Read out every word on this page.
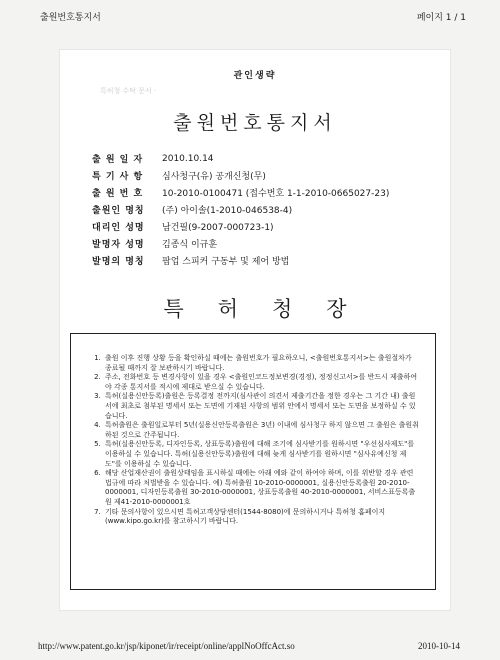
출원번호통지서	페이지 1 / 1
관인생략
특허청 수탁 문서 ·
출원번호통지서
출 원 일 자	2010.10.14
특 기 사 항	심사청구(유) 공개신청(무)
출 원 번 호	10-2010-0100471 (접수번호 1-1-2010-0665027-23)
출원인 명칭	(주) 아이솔(1-2010-046538-4)
대리인 성명	남건필(9-2007-000723-1)
발명자 성명	김종식 이규훈
발명의 명칭	팝업 스피커 구동부 및 제어 방법
특허청장
1. 출원 이후 진행 상황 등을 확인하실 때에는 출원번호가 필요하오니, <출원번호통지서>는 출원절차가 종료될 때까지 잘 보관하시기 바랍니다.
2. 주소, 전화번호 등 변경사항이 있을 경우 <출원인코드정보변경(경정), 정정신고서>를 반드시 제출하여야 각종 통지서를 적시에 제대로 받으실 수 있습니다.
3. 특허(실용신안등록)출원은 등록결정 전까지(심사관이 의견서 제출기간을 정한 경우는 그 기간 내) 출원서에 최초로 첨부된 명세서 또는 도면에 기재된 사항의 범위 안에서 명세서 또는 도면을 보정하실 수 있습니다.
4. 특허출원은 출원일로부터 5년(실용신안등록출원은 3년) 이내에 심사청구 하지 않으면 그 출원은 출원취하된 것으로 간주됩니다.
5. 특허(실용신안등록, 디자인등록, 상표등록)출원에 대해 조기에 심사받기를 원하시면 "우선심사제도"를 이용하실 수 있습니다. 특허(실용신안등록)출원에 대해 늦게 심사받기를 원하시면 "심사유예신청 제도"를 이용하실 수 있습니다.
6. 해당 산업재산권이 출원상태임을 표시하실 때에는 아래 예와 같이 하여야 하며, 이를 위반할 경우 관련법규에 따라 처벌받을 수 있습니다. 예) 특허출원 10-2010-0000001, 실용신안등록출원 20-2010-0000001, 디자인등록출원 30-2010-0000001, 상표등록출원 40-2010-0000001, 서비스표등록출원 제41-2010-0000001호
7. 기타 문의사항이 있으시면 특허고객상담센터(1544-8080)에 문의하시거나 특허청 홈페이지(www.kipo.go.kr)를 참고하시기 바랍니다.
http://www.patent.go.kr/jsp/kiponet/ir/receipt/online/applNoOffcAct.so	2010-10-14
